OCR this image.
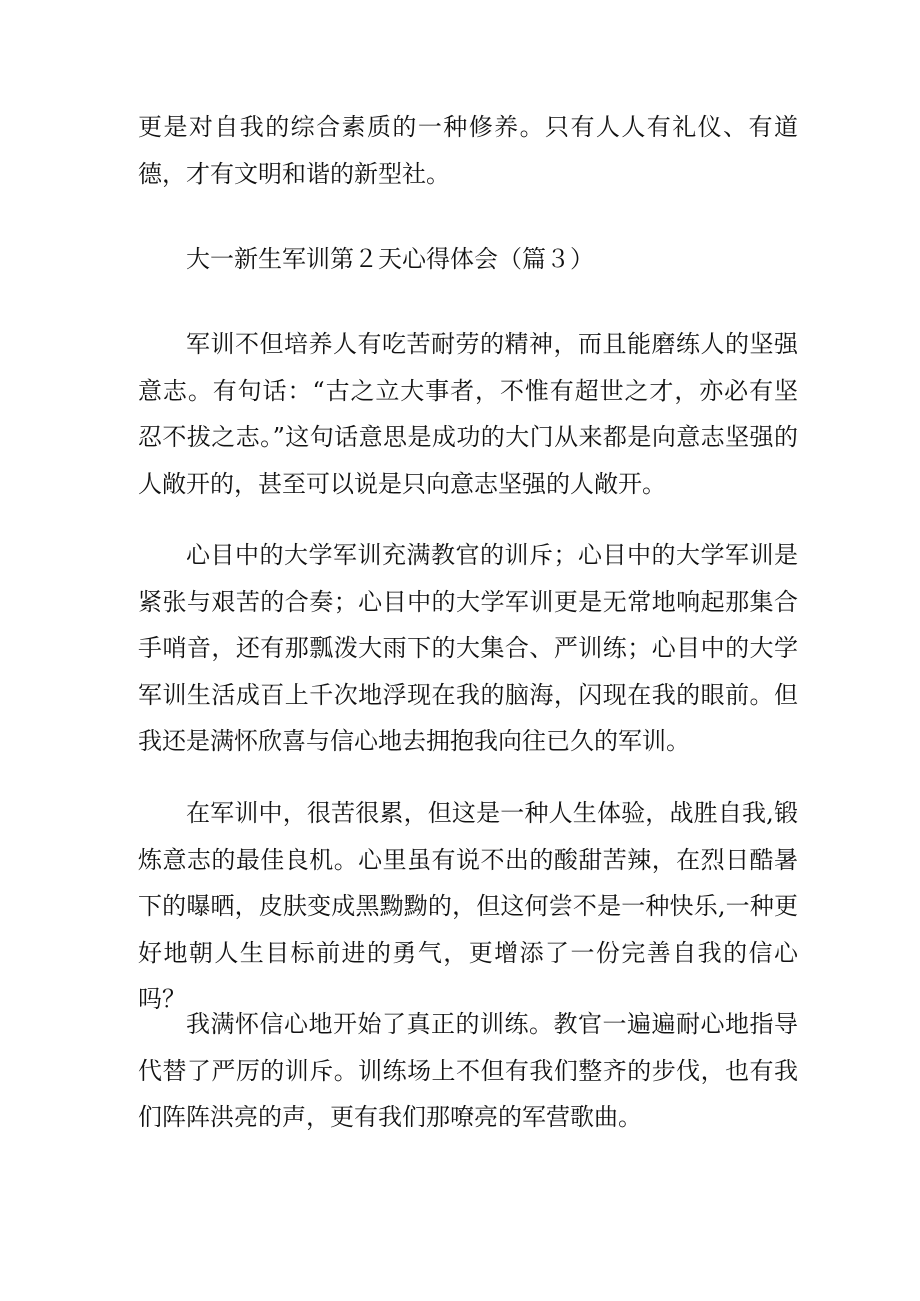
更是对自我的综合素质的一种修养。只有人人有礼仪、有道德，才有文明和谐的新型社。

大一新生军训第２天心得体会（篇３）

军训不但培养人有吃苦耐劳的精神，而且能磨练人的坚强意志。有句话：“古之立大事者，不惟有超世之才，亦必有坚忍不拔之志。”这句话意思是成功的大门从来都是向意志坚强的人敞开的，甚至可以说是只向意志坚强的人敞开。

心目中的大学军训充满教官的训斥；心目中的大学军训是紧张与艰苦的合奏；心目中的大学军训更是无常地响起那集合手哨音，还有那瓢泼大雨下的大集合、严训练；心目中的大学军训生活成百上千次地浮现在我的脑海，闪现在我的眼前。但我还是满怀欣喜与信心地去拥抱我向往已久的军训。

在军训中，很苦很累，但这是一种人生体验，战胜自我,锻炼意志的最佳良机。心里虽有说不出的酸甜苦辣，在烈日酷暑下的曝晒，皮肤变成黑黝黝的，但这何尝不是一种快乐,一种更好地朝人生目标前进的勇气，更增添了一份完善自我的信心吗？

我满怀信心地开始了真正的训练。教官一遍遍耐心地指导代替了严厉的训斥。训练场上不但有我们整齐的步伐，也有我们阵阵洪亮的声，更有我们那嘹亮的军营歌曲。
